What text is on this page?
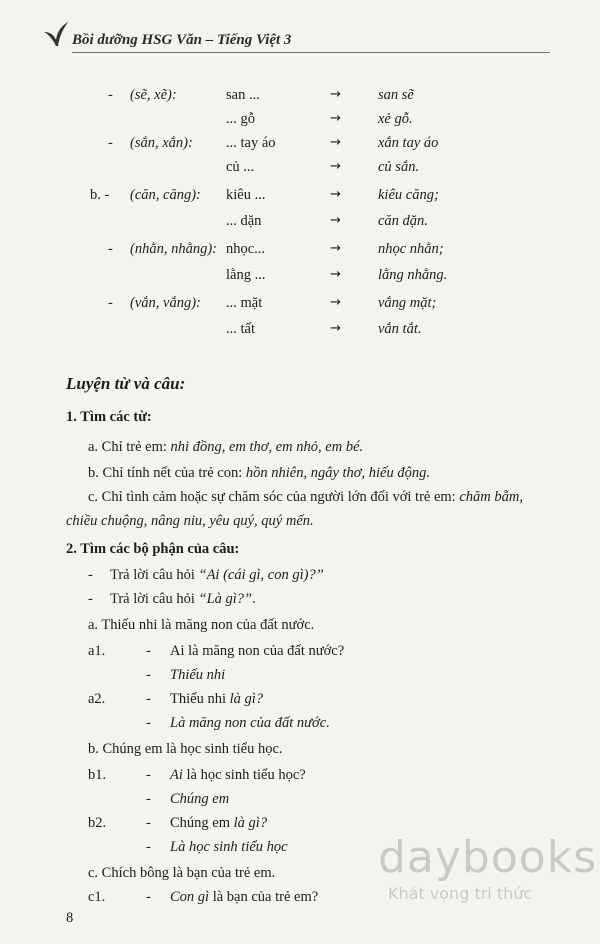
Bồi dưỡng HSG Văn – Tiếng Việt 3
- (sẽ, xẽ):	san ...	→	san sẽ
... gỗ	→	xẻ gỗ.
- (sắn, xắn): ... tay áo	→	xắn tay áo
củ ...	→	củ sắn.
b. - (căn, căng): kiêu ...	→	kiêu căng;
... dặn	→	căn dặn.
- (nhằn, nhằng): nhọc...	→	nhọc nhằn;
lằng ...	→	lằng nhằng.
- (vắn, vắng): ... mặt	→	vắng mặt;
... tất	→	vắn tắt.
Luyện từ và câu:
1. Tìm các từ:
a. Chỉ trẻ em: nhi đồng, em thơ, em nhỏ, em bé.
b. Chỉ tính nết của trẻ con: hồn nhiên, ngây thơ, hiếu động.
c. Chỉ tình cảm hoặc sự chăm sóc của người lớn đối với trẻ em: chăm bẵm,
chiều chuộng, nâng niu, yêu quý, quý mến.
2. Tìm các bộ phận của câu:
- Trả lời câu hỏi “Ai (cái gì, con gì)?”
- Trả lời câu hỏi “Là gì?”.
a. Thiếu nhi là măng non của đất nước.
a1.	- Ai là măng non của đất nước?
- Thiếu nhi
a2.	- Thiếu nhi là gì?
- Là măng non của đất nước.
b. Chúng em là học sinh tiểu học.
b1.	- Ai là học sinh tiểu học?
- Chúng em
b2.	- Chúng em là gì?
- Là học sinh tiểu học
c. Chích bông là bạn của trẻ em.
c1.	- Con gì là bạn của trẻ em?
8
daybooks
Khát vọng tri thức
